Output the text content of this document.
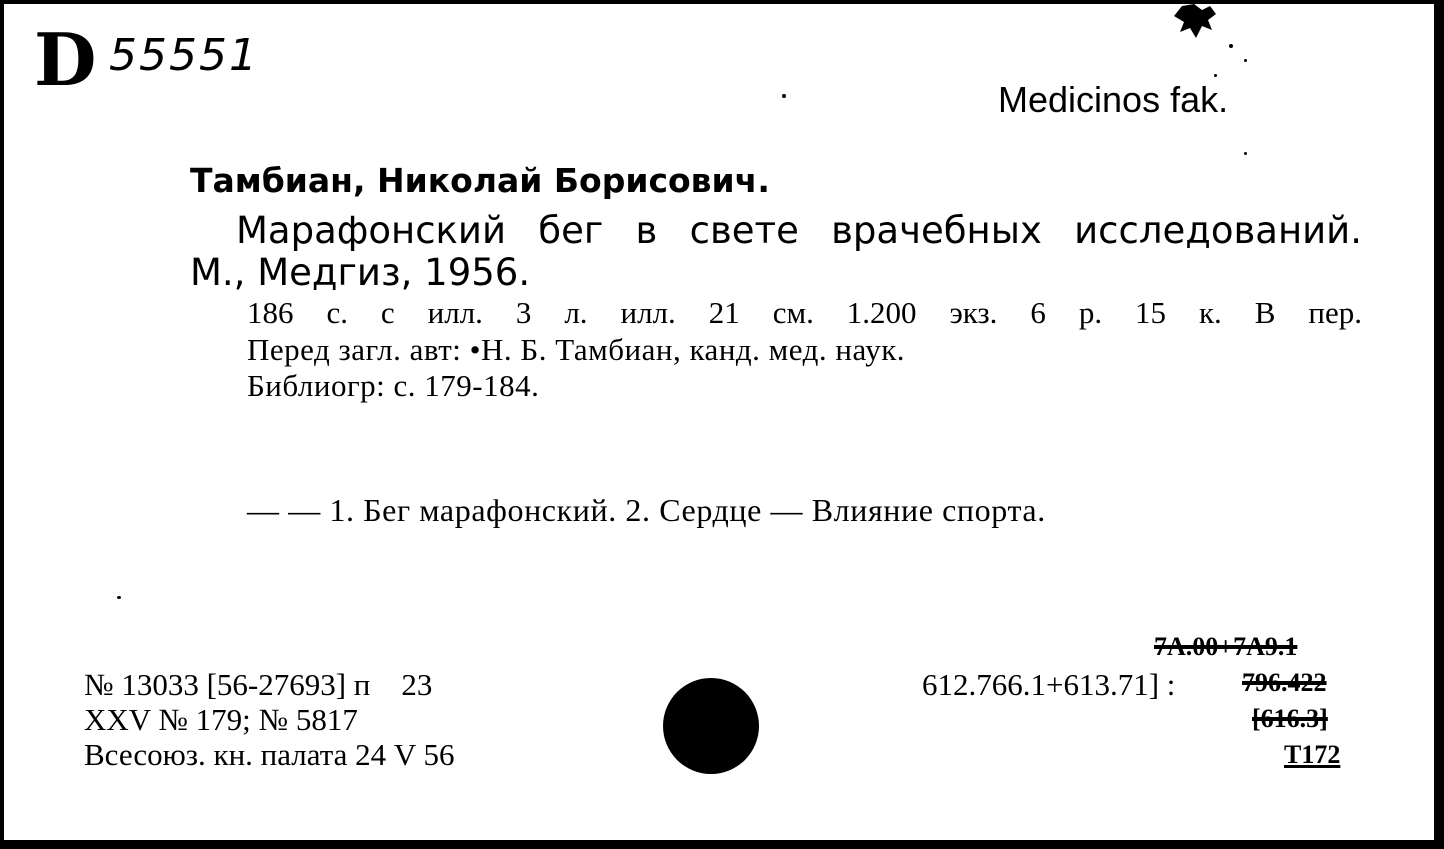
D 55551
Medicinos fak.
Тамбиан, Николай Борисович.
Марафонский бег в свете врачебных исследований.
М., Медгиз, 1956.
186 с. с илл. 3 л. илл. 21 см. 1.200 экз. 6 р. 15 к. В пер.
Перед загл. авт: •Н. Б. Тамбиан, канд. мед. наук.
Библиогр: с. 179-184.
— — 1. Бег марафонский. 2. Сердце — Влияние спорта.
№ 13033 [56-27693] п    23
XXV № 179; № 5817
Всесоюз. кн. палата 24 V 56
612.766.1+613.71] :
7А.00+7А9.1
796.422
[616.3]
Т172
